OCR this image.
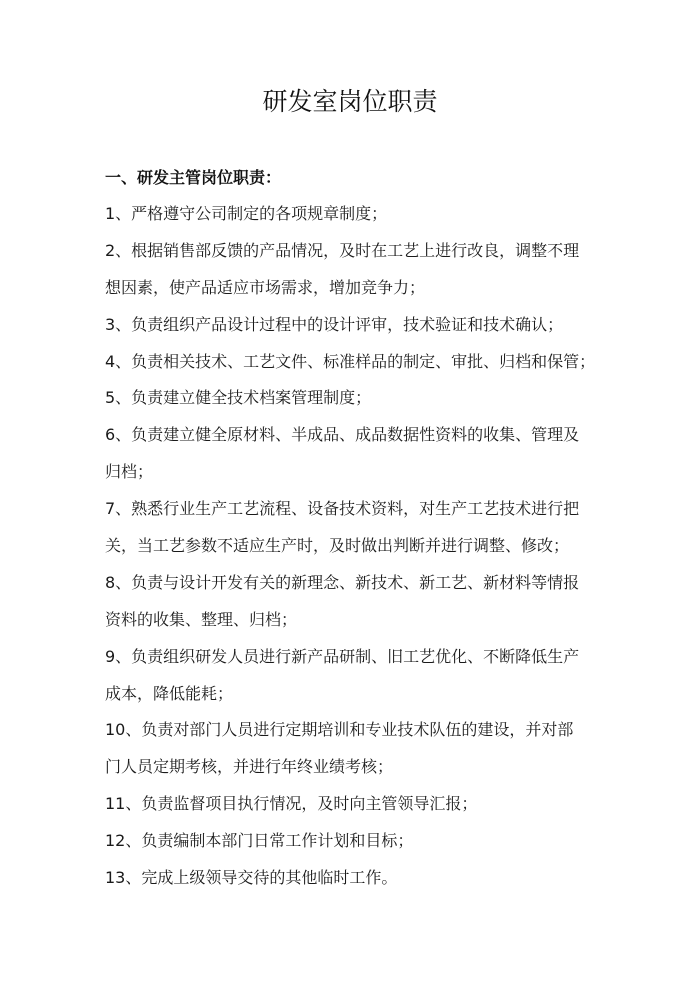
研发室岗位职责
一、研发主管岗位职责：
1、严格遵守公司制定的各项规章制度；
2、根据销售部反馈的产品情况，及时在工艺上进行改良，调整不理
想因素，使产品适应市场需求，增加竞争力；
3、负责组织产品设计过程中的设计评审，技术验证和技术确认；
4、负责相关技术、工艺文件、标准样品的制定、审批、归档和保管；
5、负责建立健全技术档案管理制度；
6、负责建立健全原材料、半成品、成品数据性资料的收集、管理及
归档；
7、熟悉行业生产工艺流程、设备技术资料，对生产工艺技术进行把
关，当工艺参数不适应生产时，及时做出判断并进行调整、修改；
8、负责与设计开发有关的新理念、新技术、新工艺、新材料等情报
资料的收集、整理、归档；
9、负责组织研发人员进行新产品研制、旧工艺优化、不断降低生产
成本，降低能耗；
10、负责对部门人员进行定期培训和专业技术队伍的建设，并对部
门人员定期考核，并进行年终业绩考核；
11、负责监督项目执行情况，及时向主管领导汇报；
12、负责编制本部门日常工作计划和目标；
13、完成上级领导交待的其他临时工作。
